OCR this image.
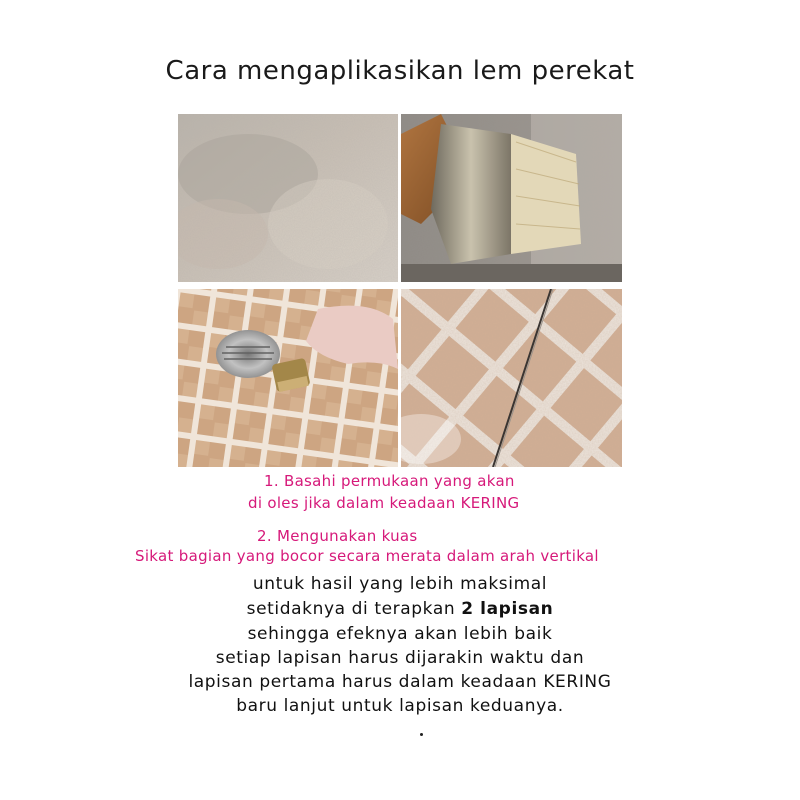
Cara mengaplikasikan lem perekat
1. Basahi permukaan yang akan
di oles jika dalam keadaan KERING
2. Mengunakan kuas
Sikat bagian yang bocor secara merata dalam arah vertikal
untuk hasil yang lebih maksimal
setidaknya di terapkan 2 lapisan
sehingga efeknya akan lebih baik
setiap lapisan harus dijarakin waktu dan
lapisan pertama harus dalam keadaan KERING
baru lanjut untuk lapisan keduanya.
